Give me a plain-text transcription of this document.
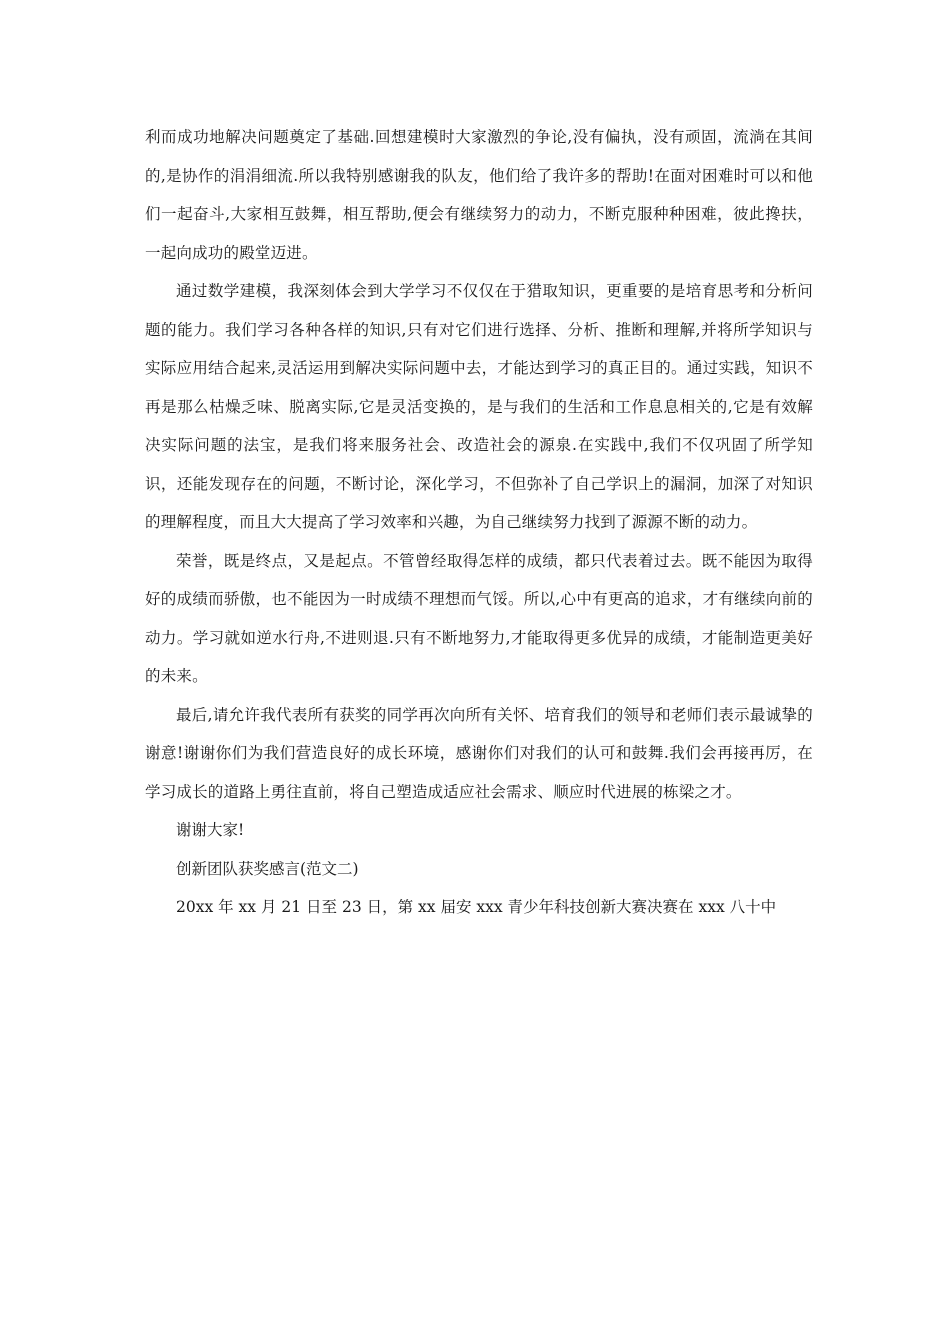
利而成功地解决问题奠定了基础.回想建模时大家激烈的争论,没有偏执，没有顽固，流淌在其间的,是协作的涓涓细流.所以我特别感谢我的队友，他们给了我许多的帮助!在面对困难时可以和他们一起奋斗,大家相互鼓舞，相互帮助,便会有继续努力的动力，不断克服种种困难，彼此搀扶，一起向成功的殿堂迈进。

通过数学建模，我深刻体会到大学学习不仅仅在于猎取知识，更重要的是培育思考和分析问题的能力。我们学习各种各样的知识,只有对它们进行选择、分析、推断和理解,并将所学知识与实际应用结合起来,灵活运用到解决实际问题中去，才能达到学习的真正目的。通过实践，知识不再是那么枯燥乏味、脱离实际,它是灵活变换的，是与我们的生活和工作息息相关的,它是有效解决实际问题的法宝，是我们将来服务社会、改造社会的源泉.在实践中,我们不仅巩固了所学知识，还能发现存在的问题，不断讨论，深化学习，不但弥补了自己学识上的漏洞，加深了对知识的理解程度，而且大大提高了学习效率和兴趣，为自己继续努力找到了源源不断的动力。

荣誉，既是终点，又是起点。不管曾经取得怎样的成绩，都只代表着过去。既不能因为取得好的成绩而骄傲，也不能因为一时成绩不理想而气馁。所以,心中有更高的追求，才有继续向前的动力。学习就如逆水行舟,不进则退.只有不断地努力,才能取得更多优异的成绩，才能制造更美好的未来。

最后,请允许我代表所有获奖的同学再次向所有关怀、培育我们的领导和老师们表示最诚挚的谢意!谢谢你们为我们营造良好的成长环境，感谢你们对我们的认可和鼓舞.我们会再接再厉，在学习成长的道路上勇往直前，将自己塑造成适应社会需求、顺应时代进展的栋梁之才。

谢谢大家!

创新团队获奖感言(范文二)

20xx 年 xx 月 21 日至 23 日，第 xx 届安 xxx 青少年科技创新大赛决赛在 xxx 八十中
